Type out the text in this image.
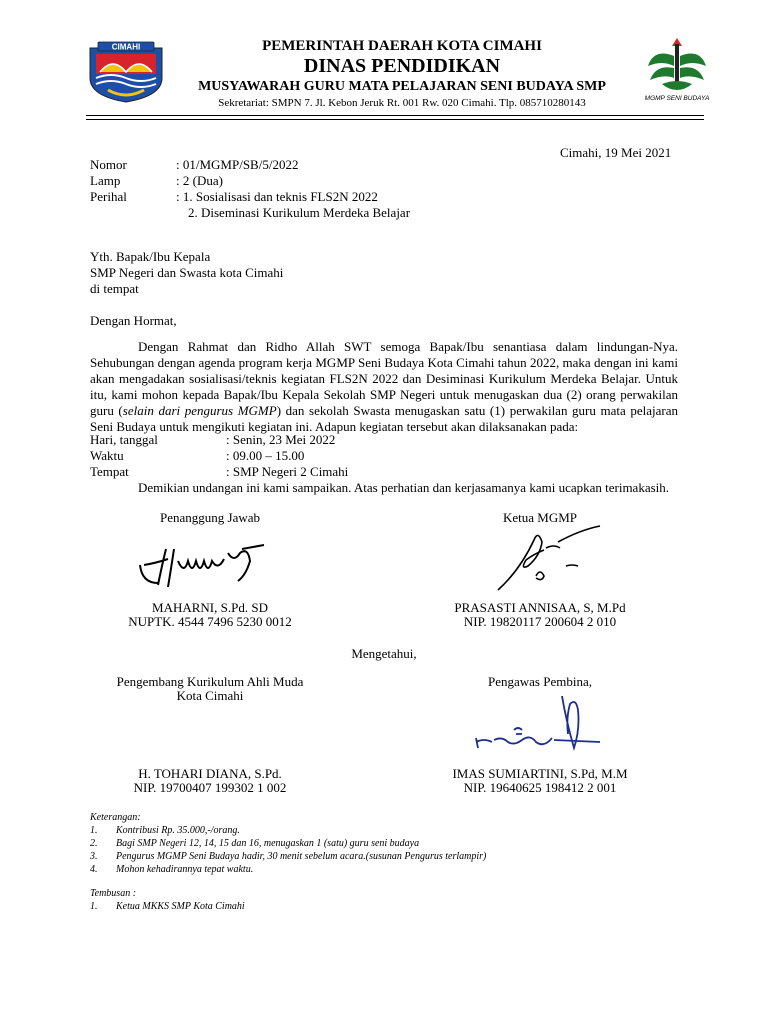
CIMAHI
MGMP SENI BUDAYA
PEMERINTAH DAERAH KOTA CIMAHI
DINAS PENDIDIKAN
MUSYAWARAH GURU MATA PELAJARAN SENI BUDAYA SMP
Sekretariat: SMPN 7. Jl. Kebon Jeruk Rt. 001 Rw. 020 Cimahi. Tlp. 085710280143
Cimahi, 19 Mei 2021
Nomor	: 01/MGMP/SB/5/2022
Lamp	: 2 (Dua)
Perihal	: 1. Sosialisasi dan teknis FLS2N 2022
2. Diseminasi Kurikulum Merdeka Belajar
Yth. Bapak/Ibu Kepala
SMP Negeri dan Swasta kota Cimahi
di tempat
Dengan Hormat,
Dengan Rahmat dan Ridho Allah SWT semoga Bapak/Ibu senantiasa dalam lindungan-Nya. Sehubungan dengan agenda program kerja MGMP Seni Budaya Kota Cimahi tahun 2022, maka dengan ini kami akan mengadakan sosialisasi/teknis kegiatan FLS2N 2022 dan Desiminasi Kurikulum Merdeka Belajar. Untuk itu, kami mohon kepada Bapak/Ibu Kepala Sekolah SMP Negeri untuk menugaskan dua (2) orang perwakilan guru (selain dari pengurus MGMP) dan sekolah Swasta menugaskan satu (1) perwakilan guru mata pelajaran Seni Budaya untuk mengikuti kegiatan ini. Adapun kegiatan tersebut akan dilaksanakan pada:
Hari, tanggal	: Senin, 23 Mei 2022
Waktu	: 09.00 – 15.00
Tempat	: SMP Negeri 2 Cimahi
Demikian undangan ini kami sampaikan. Atas perhatian dan kerjasamanya kami ucapkan terimakasih.
Penanggung Jawab	Ketua MGMP
MAHARNI, S.Pd. SD
NUPTK. 4544 7496 5230 0012
PRASASTI ANNISAA, S, M.Pd
NIP. 19820117 200604 2 010
Mengetahui,
Pengembang Kurikulum Ahli Muda
Kota Cimahi
Pengawas Pembina,
H. TOHARI DIANA, S.Pd.
NIP. 19700407 199302 1 002
IMAS SUMIARTINI, S.Pd, M.M
NIP. 19640625 198412 2 001
Keterangan:
1. Kontribusi Rp. 35.000,-/orang.
2. Bagi SMP Negeri 12, 14, 15 dan 16, menugaskan 1 (satu) guru seni budaya
3. Pengurus MGMP Seni Budaya hadir, 30 menit sebelum acara.(susunan Pengurus terlampir)
4. Mohon kehadirannya tepat waktu.
Tembusan :
1. Ketua MKKS SMP Kota Cimahi
